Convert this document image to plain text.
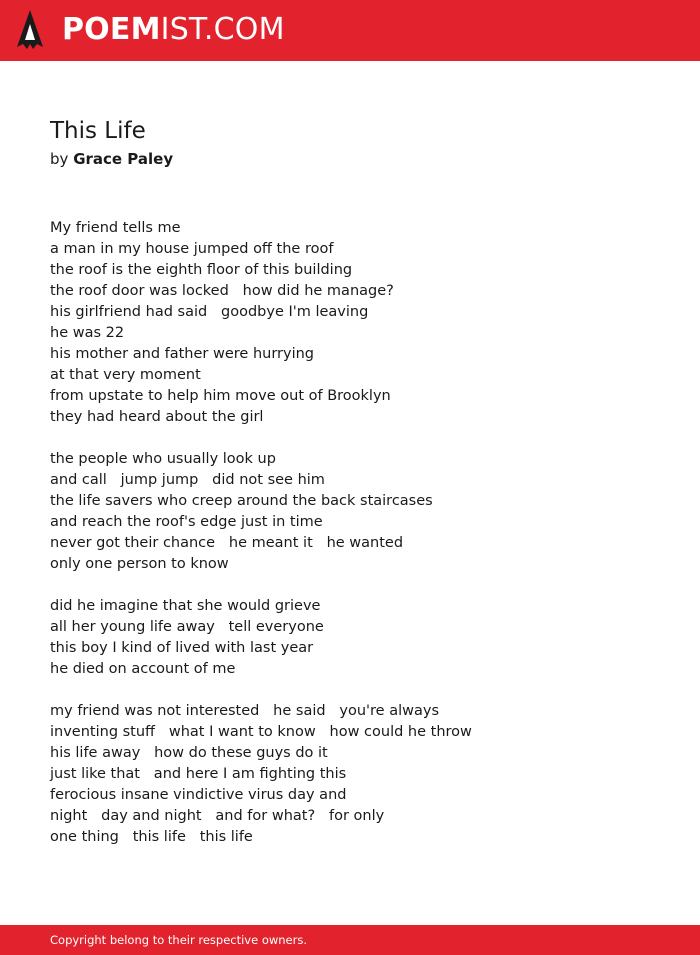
POEMIST.COM
This Life
by Grace Paley
My friend tells me
a man in my house jumped off the roof
the roof is the eighth floor of this building
the roof door was locked   how did he manage?
his girlfriend had said   goodbye I'm leaving
he was 22
his mother and father were hurrying
at that very moment
from upstate to help him move out of Brooklyn
they had heard about the girl
the people who usually look up
and call   jump jump   did not see him
the life savers who creep around the back staircases
and reach the roof's edge just in time
never got their chance   he meant it   he wanted
only one person to know
did he imagine that she would grieve
all her young life away   tell everyone
this boy I kind of lived with last year
he died on account of me
my friend was not interested   he said   you're always
inventing stuff   what I want to know   how could he throw
his life away   how do these guys do it
just like that   and here I am fighting this
ferocious insane vindictive virus day and
night   day and night   and for what?   for only
one thing   this life   this life
Copyright belong to their respective owners.
